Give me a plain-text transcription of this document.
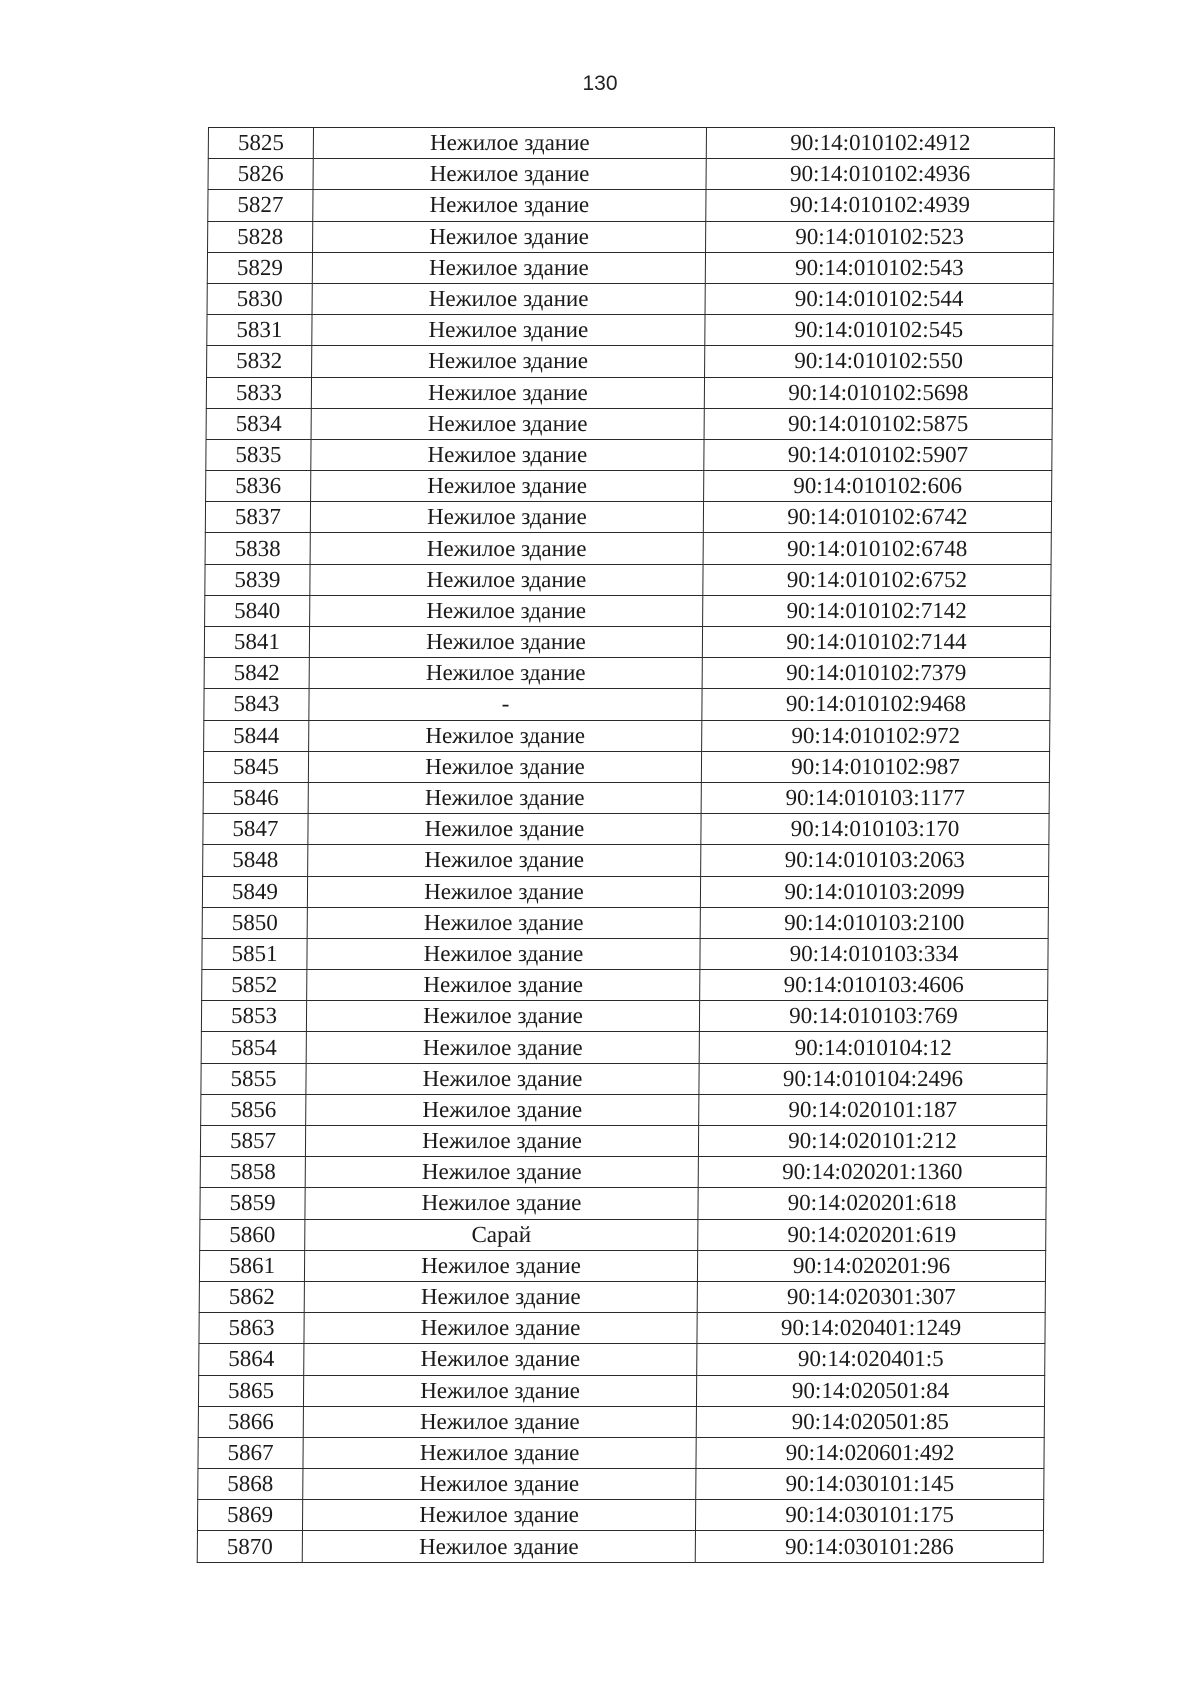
130
5825	Нежилое здание	90:14:010102:4912
5826	Нежилое здание	90:14:010102:4936
5827	Нежилое здание	90:14:010102:4939
5828	Нежилое здание	90:14:010102:523
5829	Нежилое здание	90:14:010102:543
5830	Нежилое здание	90:14:010102:544
5831	Нежилое здание	90:14:010102:545
5832	Нежилое здание	90:14:010102:550
5833	Нежилое здание	90:14:010102:5698
5834	Нежилое здание	90:14:010102:5875
5835	Нежилое здание	90:14:010102:5907
5836	Нежилое здание	90:14:010102:606
5837	Нежилое здание	90:14:010102:6742
5838	Нежилое здание	90:14:010102:6748
5839	Нежилое здание	90:14:010102:6752
5840	Нежилое здание	90:14:010102:7142
5841	Нежилое здание	90:14:010102:7144
5842	Нежилое здание	90:14:010102:7379
5843	-	90:14:010102:9468
5844	Нежилое здание	90:14:010102:972
5845	Нежилое здание	90:14:010102:987
5846	Нежилое здание	90:14:010103:1177
5847	Нежилое здание	90:14:010103:170
5848	Нежилое здание	90:14:010103:2063
5849	Нежилое здание	90:14:010103:2099
5850	Нежилое здание	90:14:010103:2100
5851	Нежилое здание	90:14:010103:334
5852	Нежилое здание	90:14:010103:4606
5853	Нежилое здание	90:14:010103:769
5854	Нежилое здание	90:14:010104:12
5855	Нежилое здание	90:14:010104:2496
5856	Нежилое здание	90:14:020101:187
5857	Нежилое здание	90:14:020101:212
5858	Нежилое здание	90:14:020201:1360
5859	Нежилое здание	90:14:020201:618
5860	Сарай	90:14:020201:619
5861	Нежилое здание	90:14:020201:96
5862	Нежилое здание	90:14:020301:307
5863	Нежилое здание	90:14:020401:1249
5864	Нежилое здание	90:14:020401:5
5865	Нежилое здание	90:14:020501:84
5866	Нежилое здание	90:14:020501:85
5867	Нежилое здание	90:14:020601:492
5868	Нежилое здание	90:14:030101:145
5869	Нежилое здание	90:14:030101:175
5870	Нежилое здание	90:14:030101:286
